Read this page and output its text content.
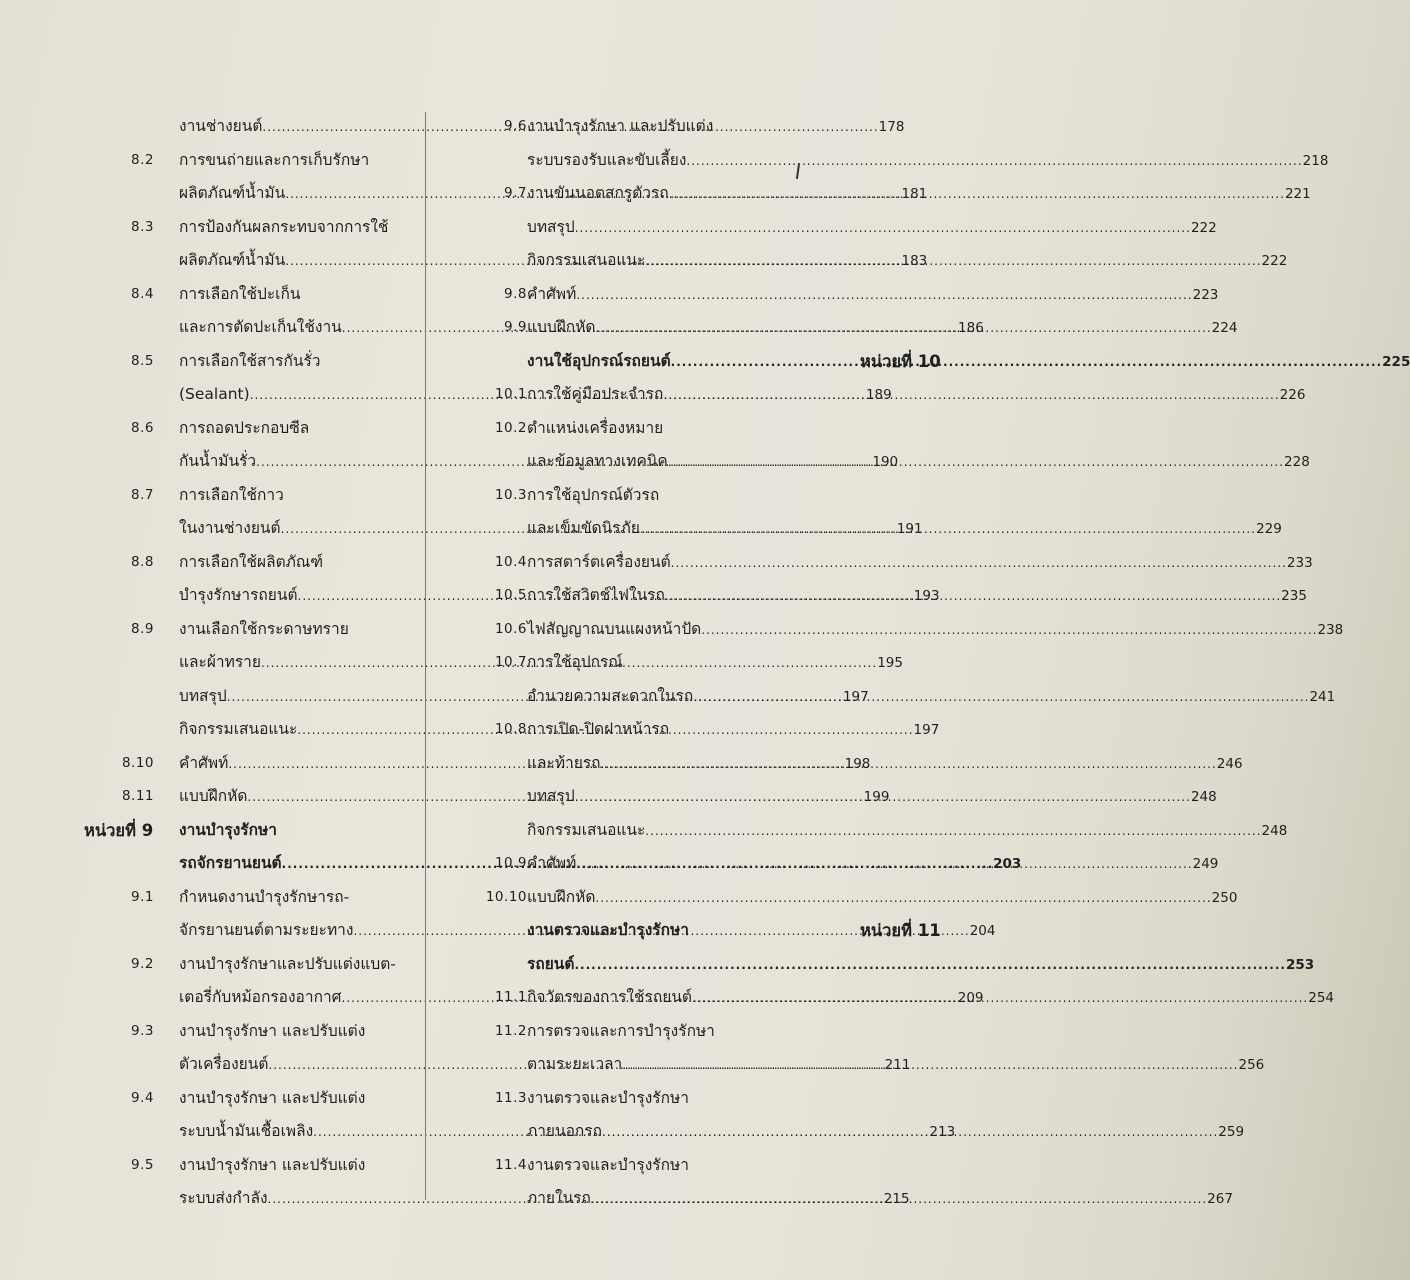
งานช่างยนต์ .....	178
8.2 การขนถ่ายและการเก็บรักษา
ผลิตภัณฑ์น้ำมัน .....	181
8.3 การป้องกันผลกระทบจากการใช้
ผลิตภัณฑ์น้ำมัน .....	183
8.4 การเลือกใช้ปะเก็น
และการตัดปะเก็นใช้งาน .....	186
8.5 การเลือกใช้สารกันรั่ว
(Sealant) .....	189
8.6 การถอดประกอบซีล
กันน้ำมันรั่ว .....	190
8.7 การเลือกใช้กาว
ในงานช่างยนต์ .....	191
8.8 การเลือกใช้ผลิตภัณฑ์
บำรุงรักษารถยนต์ .....	193
8.9 งานเลือกใช้กระดาษทราย
และผ้าทราย .....	195
บทสรุป .....	197
กิจกรรมเสนอแนะ .....	197
8.10 คำศัพท์ .....	198
8.11 แบบฝึกหัด .....	199
หน่วยที่ 9 งานบำรุงรักษา
รถจักรยานยนต์ .....	203
9.1 กำหนดงานบำรุงรักษารถ-
จักรยานยนต์ตามระยะทาง .....	204
9.2 งานบำรุงรักษาและปรับแต่งแบต-
เตอรี่กับหม้อกรองอากาศ .....	209
9.3 งานบำรุงรักษา และปรับแต่ง
ตัวเครื่องยนต์ .....	211
9.4 งานบำรุงรักษา และปรับแต่ง
ระบบน้ำมันเชื้อเพลิง .....	213
9.5 งานบำรุงรักษา และปรับแต่ง
ระบบส่งกำลัง .....	215
9.6 งานบำรุงรักษา และปรับแต่ง
ระบบรองรับและขับเลี้ยง .....	218
9.7 งานขันนอตสกรูตัวรถ .....	221
บทสรุป .....	222
กิจกรรมเสนอแนะ .....	222
9.8 คำศัพท์ .....	223
9.9 แบบฝึกหัด .....	224
หน่วยที่ 10
งานใช้อุปกรณ์รถยนต์ .....	225
10.1 การใช้คู่มือประจำรถ .....	226
10.2 ตำแหน่งเครื่องหมาย
และข้อมูลทางเทคนิค .....	228
10.3 การใช้อุปกรณ์ตัวรถ
และเข็มขัดนิรภัย .....	229
10.4 การสตาร์ตเครื่องยนต์ .....	233
10.5 การใช้สวิตช์ไฟในรถ .....	235
10.6 ไฟสัญญาณบนแผงหน้าปัด .....	238
10.7 การใช้อุปกรณ์
อำนวยความสะดวกในรถ .....	241
10.8 การเปิด-ปิดฝาหน้ารถ
และท้ายรถ .....	246
บทสรุป .....	248
กิจกรรมเสนอแนะ .....	248
10.9 คำศัพท์ .....	249
10.10 แบบฝึกหัด .....	250
หน่วยที่ 11
งานตรวจและบำรุงรักษา
รถยนต์ .....	253
11.1 กิจวัตรของการใช้รถยนต์ .....	254
11.2 การตรวจและการบำรุงรักษา
ตามระยะเวลา .....	256
11.3 งานตรวจและบำรุงรักษา
ภายนอกรถ .....	259
11.4 งานตรวจและบำรุงรักษา
ภายในรถ .....	267
